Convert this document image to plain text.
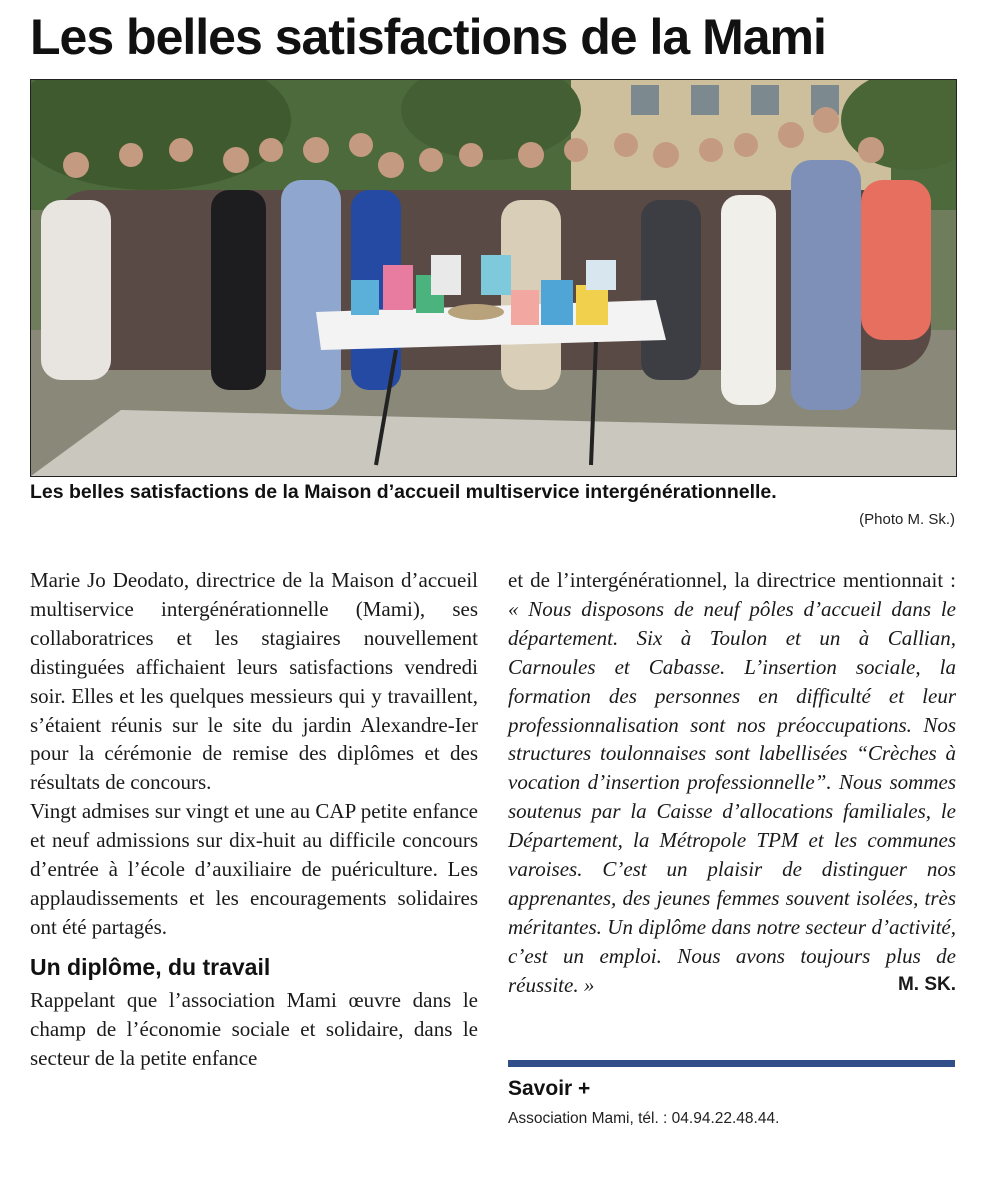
Les belles satisfactions de la Mami
Les belles satisfactions de la Maison d’accueil multiservice intergénérationnelle.
(Photo M. Sk.)

Marie Jo Deodato, directrice de la Maison d’accueil multiservice intergénérationnelle (Mami), ses collaboratrices et les stagiaires nouvellement distinguées affichaient leurs satisfactions vendredi soir. Elles et les quelques messieurs qui y travaillent, s’étaient réunis sur le site du jardin Alexandre-Ier pour la cérémonie de remise des diplômes et des résultats de concours.

Vingt admises sur vingt et une au CAP petite enfance et neuf admissions sur dix-huit au difficile concours d’entrée à l’école d’auxiliaire de puériculture. Les applaudissements et les encouragements solidaires ont été partagés.

Un diplôme, du travail

Rappelant que l’association Mami œuvre dans le champ de l’économie sociale et solidaire, dans le secteur de la petite enfance

et de l’intergénérationnel, la directrice mentionnait : « Nous disposons de neuf pôles d’accueil dans le département. Six à Toulon et un à Callian, Carnoules et Cabasse. L’insertion sociale, la formation des personnes en difficulté et leur professionnalisation sont nos préoccupations. Nos structures toulonnaises sont labellisées “Crèches à vocation d’insertion professionnelle”. Nous sommes soutenus par la Caisse d’allocations familiales, le Département, la Métropole TPM et les communes varoises. C’est un plaisir de distinguer nos apprenantes, des jeunes femmes souvent isolées, très méritantes. Un diplôme dans notre secteur d’activité, c’est un emploi. Nous avons toujours plus de réussite. »	M. SK.
Savoir +
Association Mami, tél. : 04.94.22.48.44.
